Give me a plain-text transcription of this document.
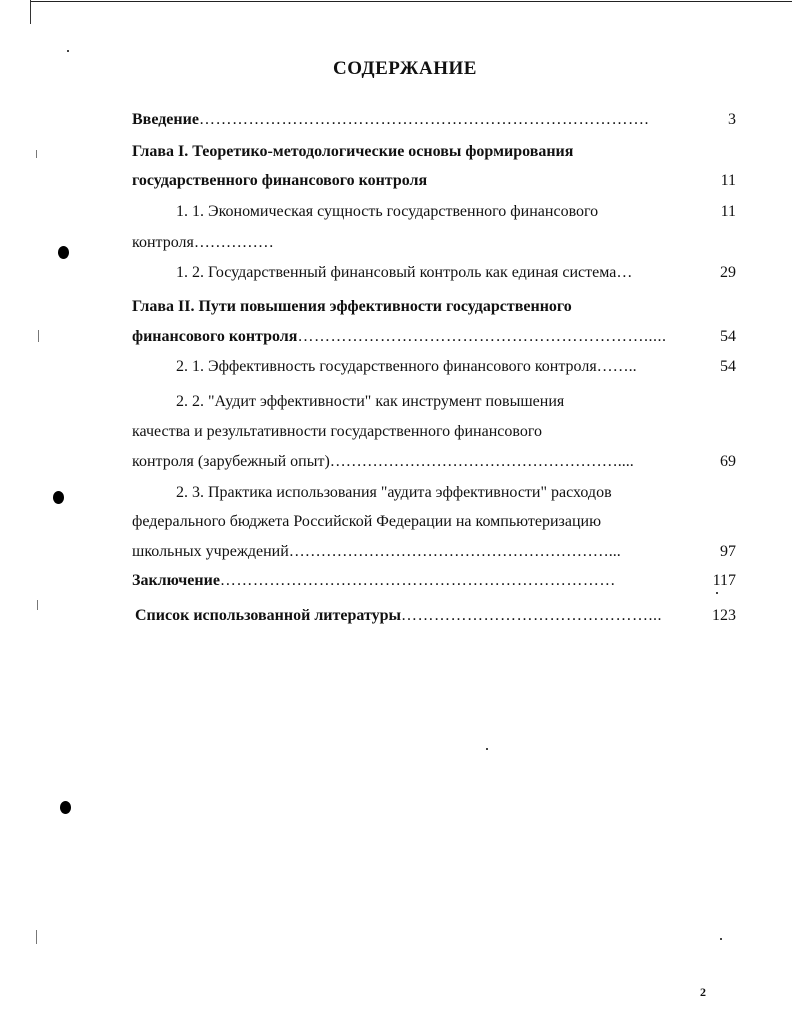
СОДЕРЖАНИЕ
Введение……………………………………………………………………….	3
Глава I. Теоретико-методологические основы формирования
государственного финансового контроля	11
1. 1. Экономическая сущность государственного финансового	11
контроля……………
1. 2. Государственный финансовый контроль как единая система…	29
Глава II. Пути повышения эффективности государственного
финансового контроля……………………………………………………….....	54
2. 1. Эффективность государственного финансового контроля……..	54
2. 2. "Аудит эффективности" как инструмент повышения
качества и результативности государственного финансового
контроля (зарубежный опыт)………………………………………………....	69
2. 3. Практика использования "аудита эффективности" расходов
федерального бюджета Российской Федерации на компьютеризацию
школьных учреждений……………………………………………………...	97
Заключение………………………………………………………………	117
Список использованной литературы………………………………………...	123
2
